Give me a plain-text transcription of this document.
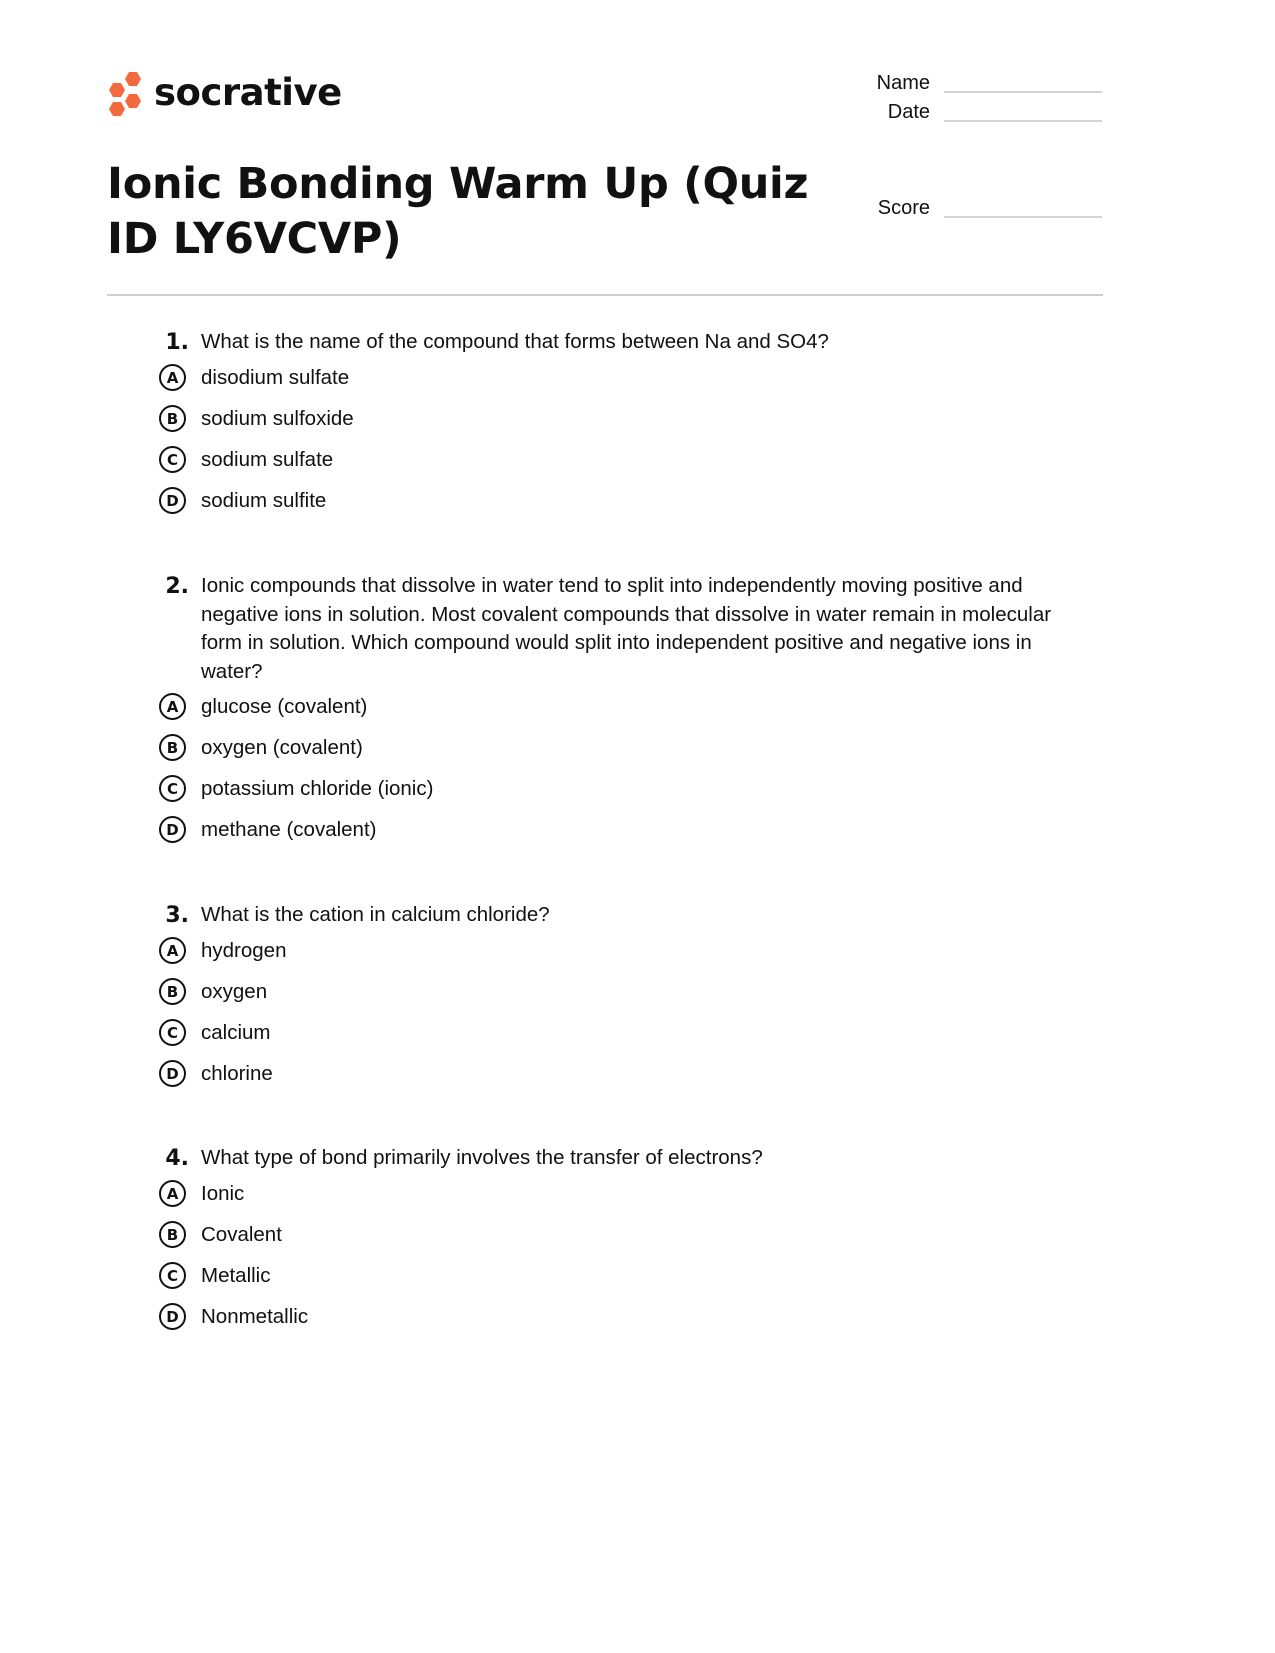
socrative	Name
Date
Score
Ionic Bonding Warm Up (Quiz ID LY6VCVP)
1. What is the name of the compound that forms between Na and SO4?
A	disodium sulfate
B	sodium sulfoxide
C	sodium sulfate
D	sodium sulfite
2. Ionic compounds that dissolve in water tend to split into independently moving positive and negative ions in solution. Most covalent compounds that dissolve in water remain in molecular form in solution. Which compound would split into independent positive and negative ions in water?
A	glucose (covalent)
B	oxygen (covalent)
C	potassium chloride (ionic)
D	methane (covalent)
3. What is the cation in calcium chloride?
A	hydrogen
B	oxygen
C	calcium
D	chlorine
4. What type of bond primarily involves the transfer of electrons?
A	Ionic
B	Covalent
C	Metallic
D	Nonmetallic
